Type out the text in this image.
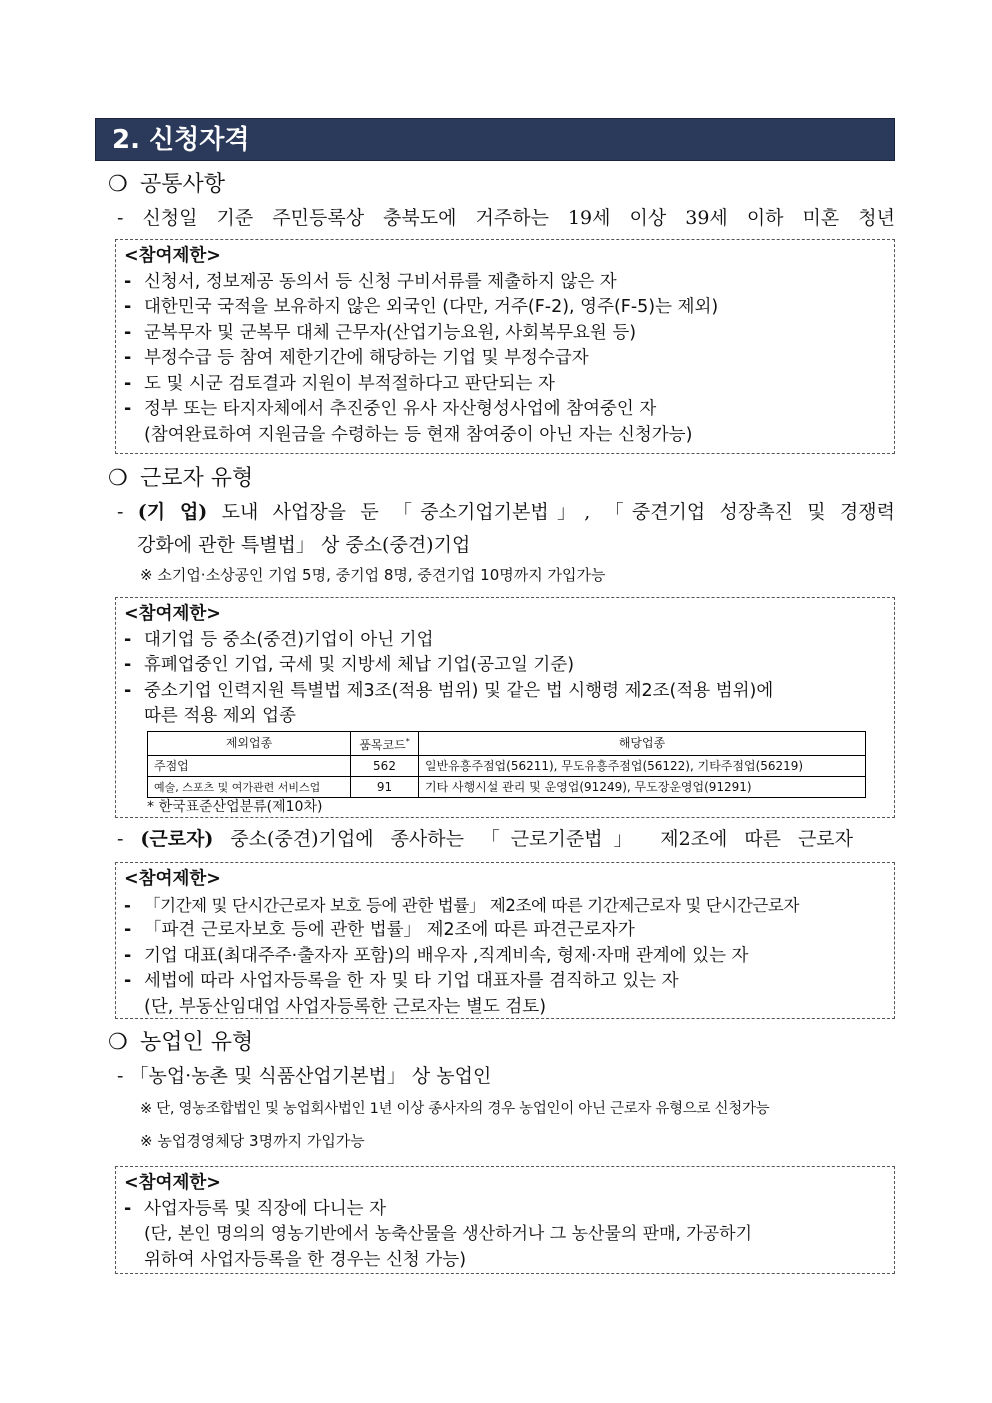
2. 신청자격
❍ 공통사항
- 신청일 기준 주민등록상 충북도에 거주하는 19세 이상 39세 이하 미혼 청년
<참여제한>
- 신청서, 정보제공 동의서 등 신청 구비서류를 제출하지 않은 자
- 대한민국 국적을 보유하지 않은 외국인 (다만, 거주(F-2), 영주(F-5)는 제외)
- 군복무자 및 군복무 대체 근무자(산업기능요원, 사회복무요원 등)
- 부정수급 등 참여 제한기간에 해당하는 기업 및 부정수급자
- 도 및 시군 검토결과 지원이 부적절하다고 판단되는 자
- 정부 또는 타지자체에서 추진중인 유사 자산형성사업에 참여중인 자
(참여완료하여 지원금을 수령하는 등 현재 참여중이 아닌 자는 신청가능)
❍ 근로자 유형
- (기 업) 도내 사업장을 둔 「중소기업기본법」, 「중견기업 성장촉진 및 경쟁력
강화에 관한 특별법」 상 중소(중견)기업
※ 소기업·소상공인 기업 5명, 중기업 8명, 중견기업 10명까지 가입가능
<참여제한>
- 대기업 등 중소(중견)기업이 아닌 기업
- 휴폐업중인 기업, 국세 및 지방세 체납 기업(공고일 기준)
- 중소기업 인력지원 특별법 제3조(적용 범위) 및 같은 법 시행령 제2조(적용 범위)에
따른 적용 제외 업종
제외업종	품목코드*	해당업종
주점업	562	일반유흥주점업(56211), 무도유흥주점업(56122), 기타주점업(56219)
예술, 스포츠 및 여가관련 서비스업	91	기타 사행시설 관리 및 운영업(91249), 무도장운영업(91291)
* 한국표준산업분류(제10차)
- (근로자) 중소(중견)기업에 종사하는 「근로기준법」 제2조에 따른 근로자
<참여제한>
- 「기간제 및 단시간근로자 보호 등에 관한 법률」 제2조에 따른 기간제근로자 및 단시간근로자
- 「파견 근로자보호 등에 관한 법률」 제2조에 따른 파견근로자가
- 기업 대표(최대주주·출자자 포함)의 배우자 ,직계비속, 형제·자매 관계에 있는 자
- 세법에 따라 사업자등록을 한 자 및 타 기업 대표자를 겸직하고 있는 자
(단, 부동산임대업 사업자등록한 근로자는 별도 검토)
❍ 농업인 유형
- 「농업·농촌 및 식품산업기본법」 상 농업인
※ 단, 영농조합법인 및 농업회사법인 1년 이상 종사자의 경우 농업인이 아닌 근로자 유형으로 신청가능
※ 농업경영체당 3명까지 가입가능
<참여제한>
- 사업자등록 및 직장에 다니는 자
(단, 본인 명의의 영농기반에서 농축산물을 생산하거나 그 농산물의 판매, 가공하기
위하여 사업자등록을 한 경우는 신청 가능)
